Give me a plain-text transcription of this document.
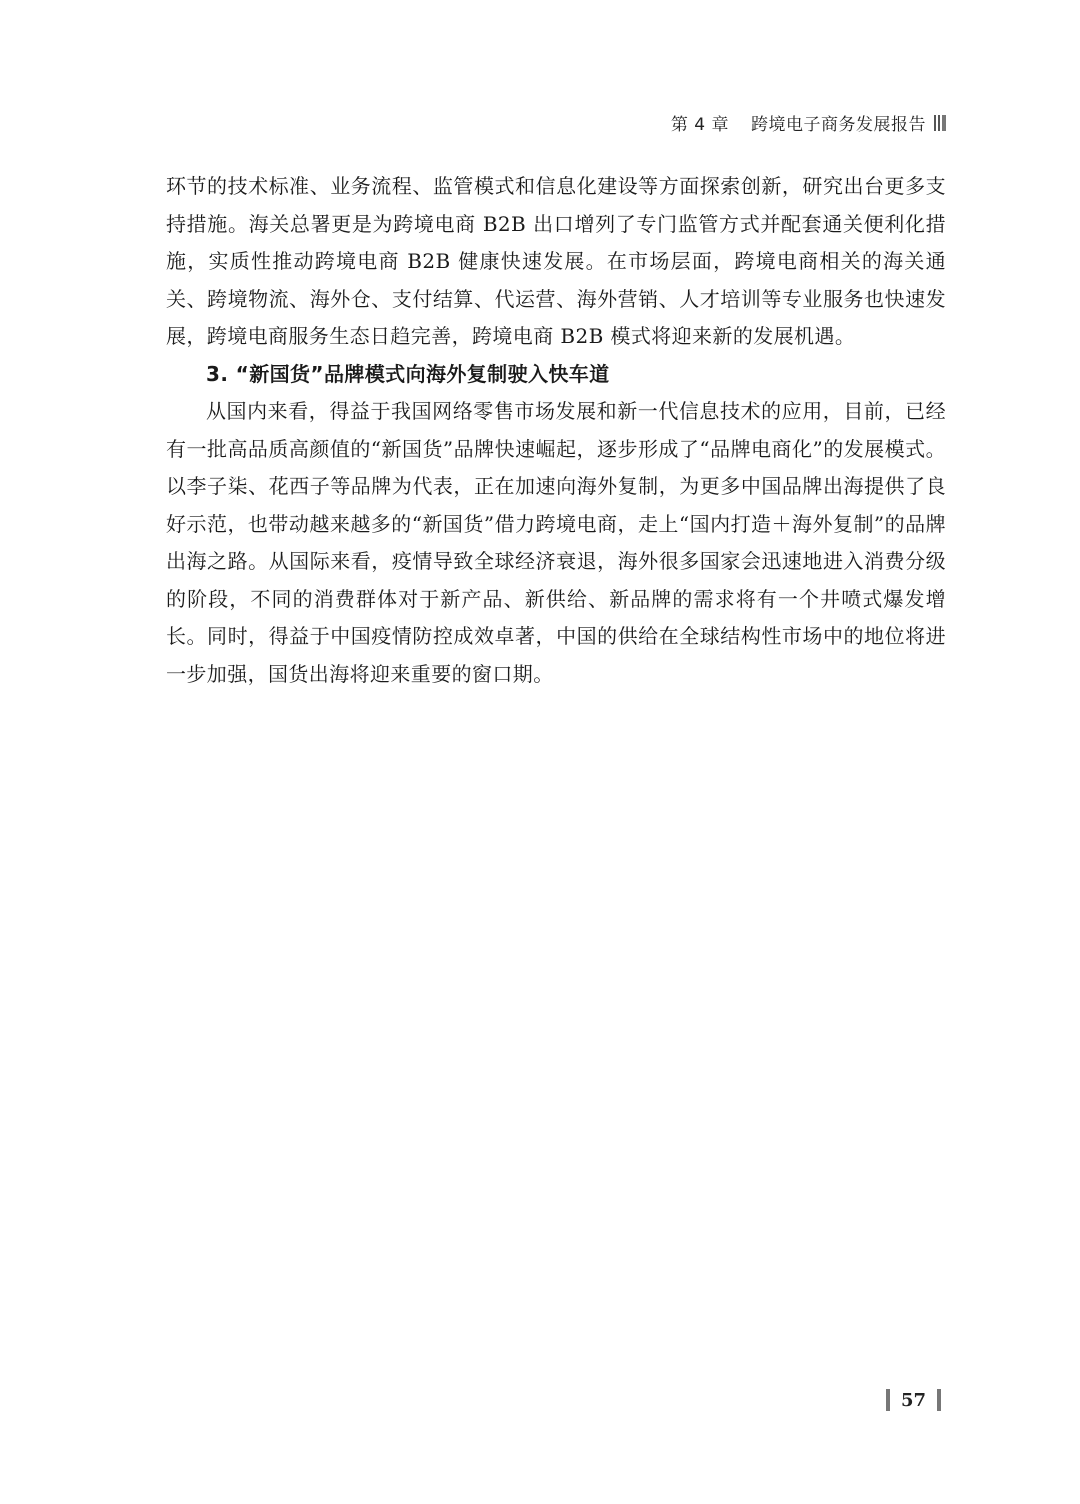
第 4 章 跨境电子商务发展报告

环节的技术标准、业务流程、监管模式和信息化建设等方面探索创新，研究出台更多支持措施。海关总署更是为跨境电商 B2B 出口增列了专门监管方式并配套通关便利化措施，实质性推动跨境电商 B2B 健康快速发展。在市场层面，跨境电商相关的海关通关、跨境物流、海外仓、支付结算、代运营、海外营销、人才培训等专业服务也快速发展，跨境电商服务生态日趋完善，跨境电商 B2B 模式将迎来新的发展机遇。

3. “新国货”品牌模式向海外复制驶入快车道

从国内来看，得益于我国网络零售市场发展和新一代信息技术的应用，目前，已经有一批高品质高颜值的“新国货”品牌快速崛起，逐步形成了“品牌电商化”的发展模式。以李子柒、花西子等品牌为代表，正在加速向海外复制，为更多中国品牌出海提供了良好示范，也带动越来越多的“新国货”借力跨境电商，走上“国内打造＋海外复制”的品牌出海之路。从国际来看，疫情导致全球经济衰退，海外很多国家会迅速地进入消费分级的阶段，不同的消费群体对于新产品、新供给、新品牌的需求将有一个井喷式爆发增长。同时，得益于中国疫情防控成效卓著，中国的供给在全球结构性市场中的地位将进一步加强，国货出海将迎来重要的窗口期。

57
